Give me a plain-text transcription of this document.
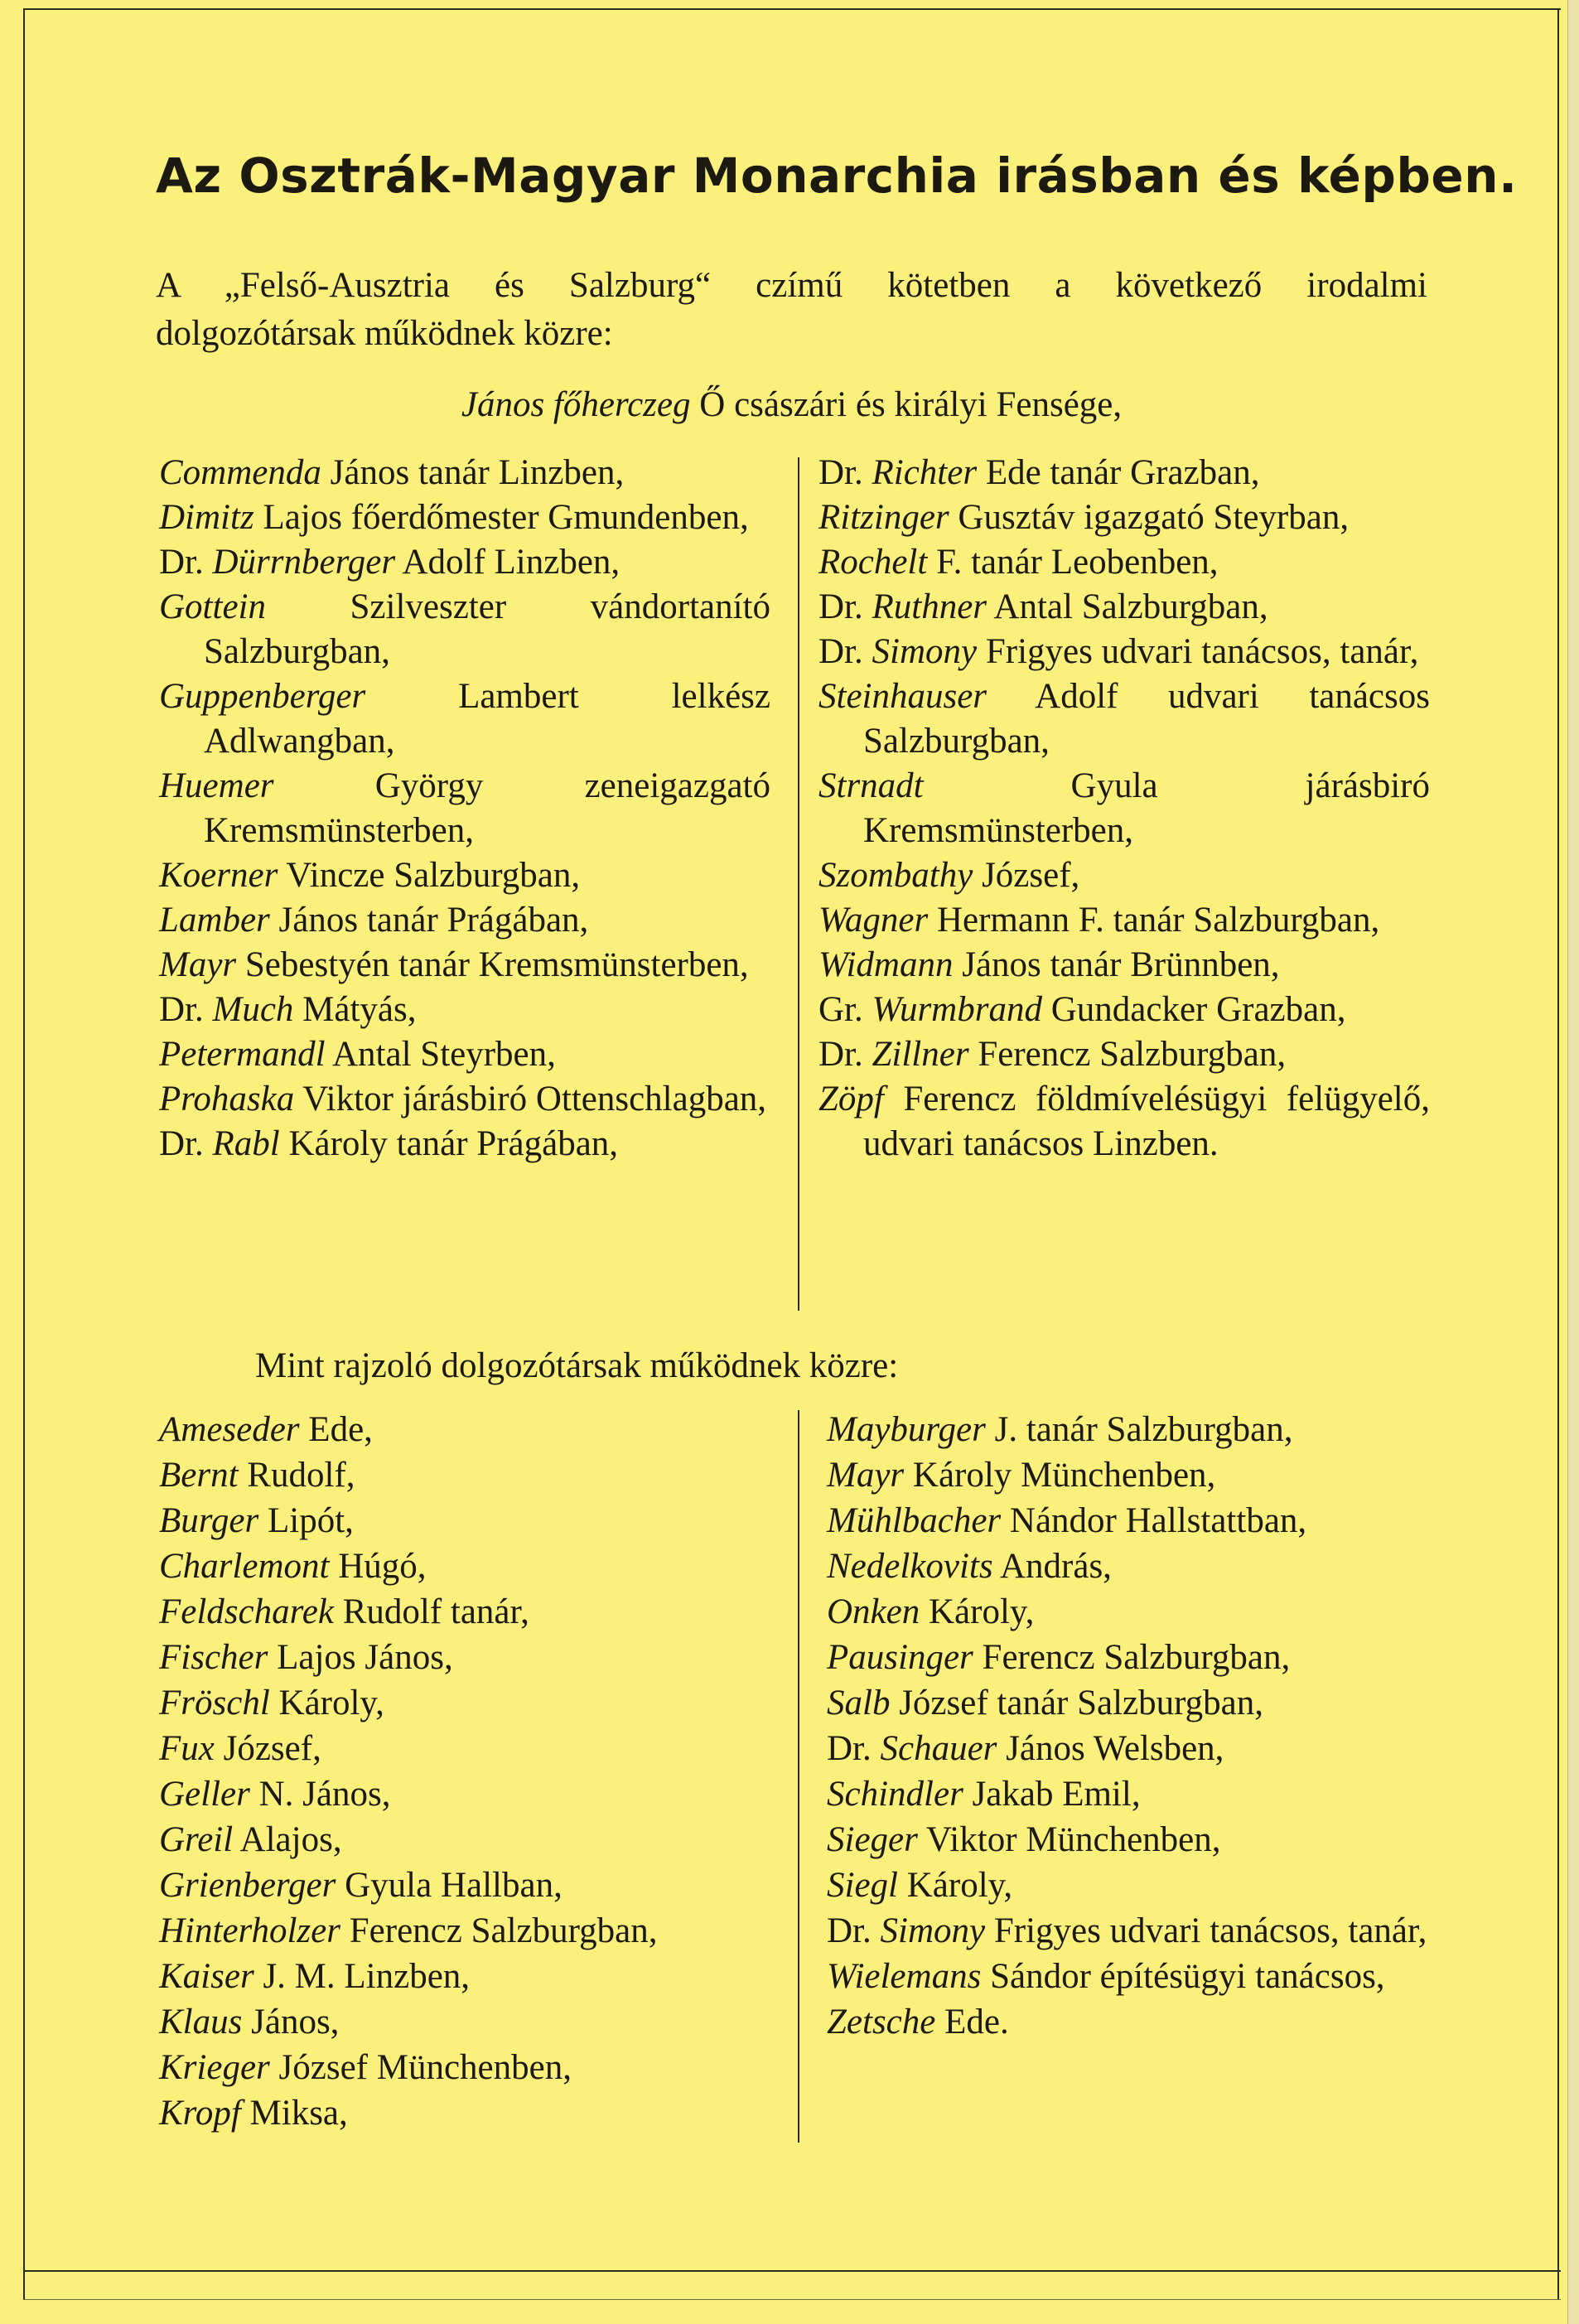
Az Osztrák-Magyar Monarchia irásban és képben.
A „Felső-Ausztria és Salzburg“ czímű kötetben a következő irodalmi
dolgozótársak működnek közre:
János főherczeg Ő császári és királyi Fensége,

Commenda János tanár Linzben,

Dimitz Lajos főerdőmester Gmundenben,

Dr. Dürrnberger Adolf Linzben,

Gottein Szilveszter vándortanító Salzburgban,

Guppenberger Lambert lelkész Adlwangban,

Huemer György zeneigazgató Kremsmünsterben,

Koerner Vincze Salzburgban,

Lamber János tanár Prágában,

Mayr Sebestyén tanár Kremsmünsterben,

Dr. Much Mátyás,

Petermandl Antal Steyrben,

Prohaska Viktor járásbiró Ottenschlagban,

Dr. Rabl Károly tanár Prágában,

Dr. Richter Ede tanár Grazban,

Ritzinger Gusztáv igazgató Steyrban,

Rochelt F. tanár Leobenben,

Dr. Ruthner Antal Salzburgban,

Dr. Simony Frigyes udvari tanácsos, tanár,

Steinhauser Adolf udvari tanácsos Salzburgban,

Strnadt Gyula járásbiró Kremsmünsterben,

Szombathy József,

Wagner Hermann F. tanár Salzburgban,

Widmann János tanár Brünnben,

Gr. Wurmbrand Gundacker Grazban,

Dr. Zillner Ferencz Salzburgban,

Zöpf Ferencz földmívelésügyi felügyelő, udvari tanácsos Linzben.

Mint rajzoló dolgozótársak működnek közre:

Ameseder Ede,

Bernt Rudolf,

Burger Lipót,

Charlemont Húgó,

Feldscharek Rudolf tanár,

Fischer Lajos János,

Fröschl Károly,

Fux József,

Geller N. János,

Greil Alajos,

Grienberger Gyula Hallban,

Hinterholzer Ferencz Salzburgban,

Kaiser J. M. Linzben,

Klaus János,

Krieger József Münchenben,

Kropf Miksa,

Mayburger J. tanár Salzburgban,

Mayr Károly Münchenben,

Mühlbacher Nándor Hallstattban,

Nedelkovits András,

Onken Károly,

Pausinger Ferencz Salzburgban,

Salb József tanár Salzburgban,

Dr. Schauer János Welsben,

Schindler Jakab Emil,

Sieger Viktor Münchenben,

Siegl Károly,

Dr. Simony Frigyes udvari tanácsos, tanár,

Wielemans Sándor építésügyi tanácsos,

Zetsche Ede.
